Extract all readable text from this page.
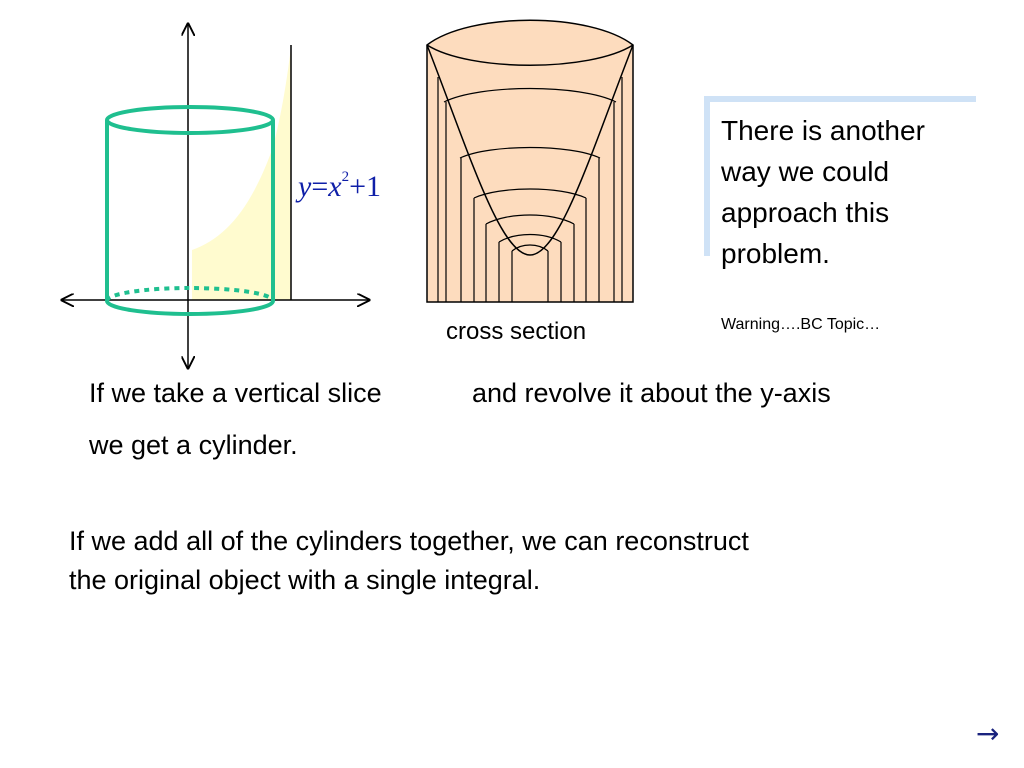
$y=x^2+1$
cross section
There is another way we could approach this problem.
Warning….BC Topic…
If we take a vertical slice	and revolve it about the y-axis
we get a cylinder.
If we add all of the cylinders together, we can reconstruct
the original object with a single integral.
→
